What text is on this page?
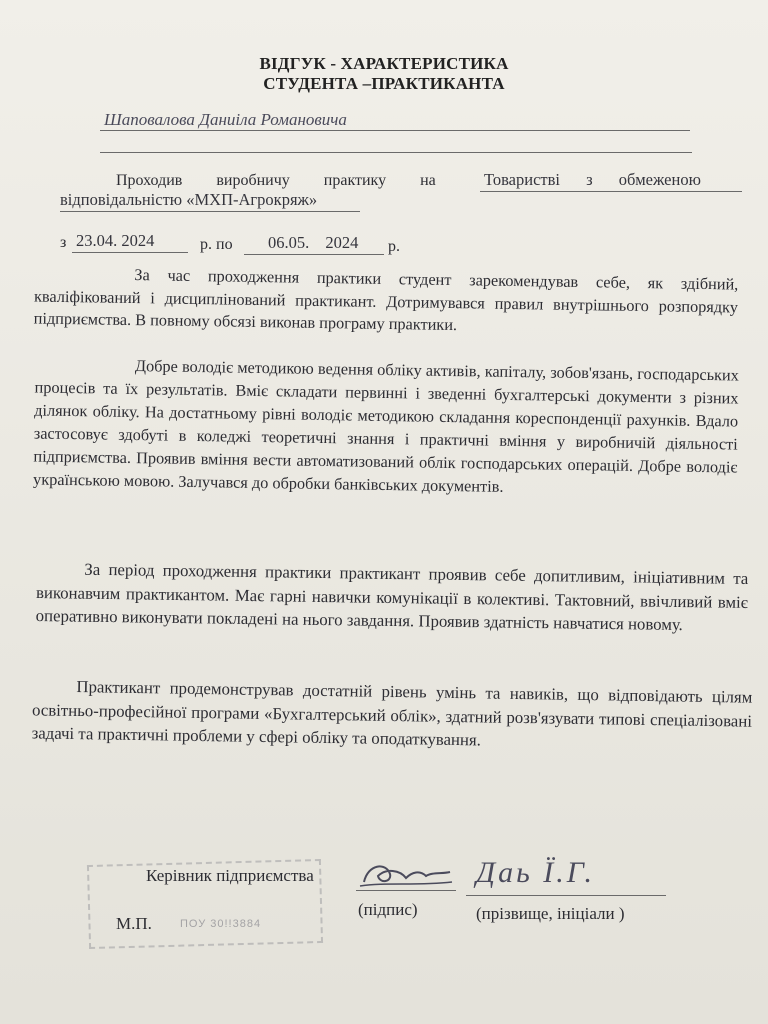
ВІДГУК - ХАРАКТЕРИСТИКА
СТУДЕНТА –ПРАКТИКАНТА
Шаповалова Даниіла Романовича
Проходив виробничу практику на	Товаристві з обмеженою
відповідальністю «МХП-Агрокряж»
з 23.04. 2024	р. по 06.05. 2024 р.
За час проходження практики студент зарекомендував себе, як здібний, кваліфікований і дисциплінований практикант. Дотримувався правил внутрішнього розпорядку підприємства. В повному обсязі виконав програму практики.
Добре володіє методикою ведення обліку активів, капіталу, зобов'язань, господарських процесів та їх результатів. Вміє складати первинні і зведенні бухгалтерські документи з різних ділянок обліку. На достатньому рівні володіє методикою складання кореспонденції рахунків. Вдало застосовує здобуті в коледжі теоретичні знання і практичні вміння у виробничій діяльності підприємства. Проявив вміння вести автоматизований облік господарських операцій. Добре володіє українською мовою. Залучався до обробки банківських документів.
За період проходження практики практикант проявив себе допитливим, ініціативним та виконавчим практикантом. Має гарні навички комунікації в колективі. Тактовний, ввічливий вміє оперативно виконувати покладені на нього завдання. Проявив здатність навчатися новому.
Практикант продемонстрував достатній рівень умінь та навиків, що відповідають цілям освітньо-професійної програми «Бухгалтерський облік», здатний розв'язувати типові спеціалізовані задачі та практичні проблеми у сфері обліку та оподаткування.
ПОУ 30!!3884
Керівник підприємства	Даь Ї.Г.
(підпис)	(прізвище, ініціали )
М.П.
